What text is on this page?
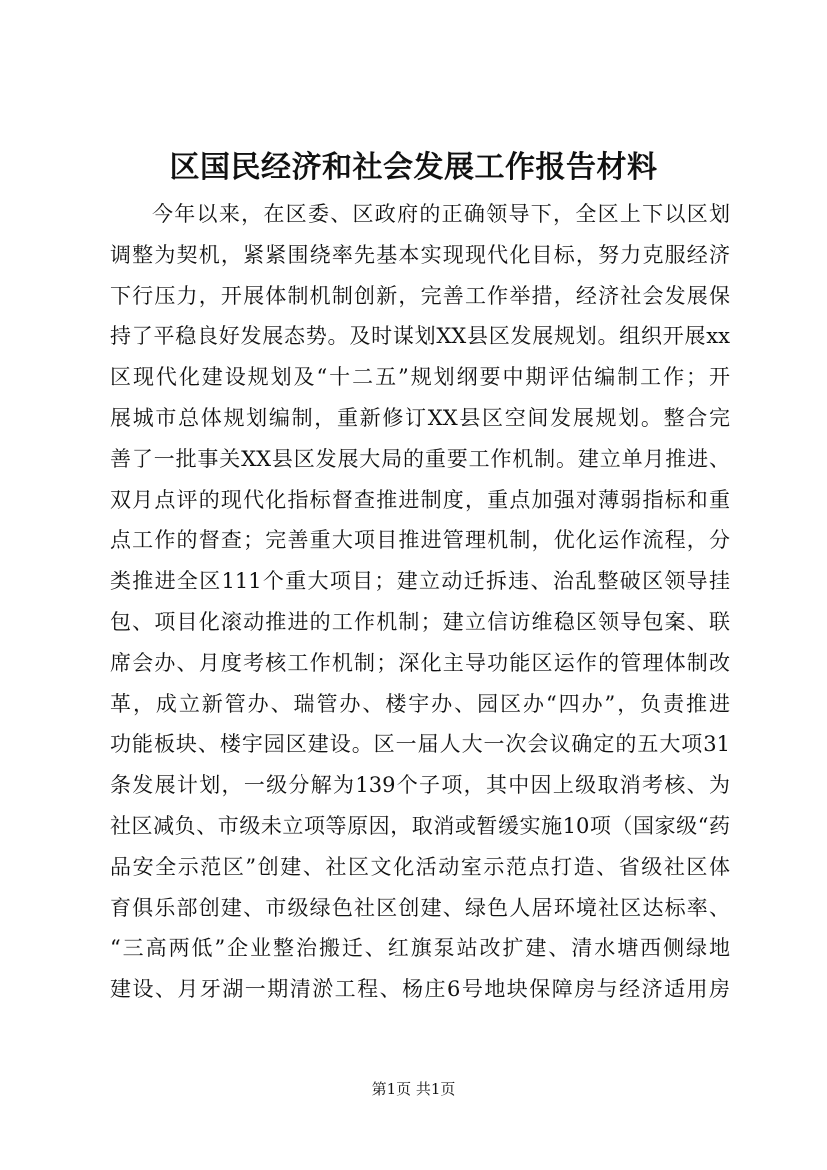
区国民经济和社会发展工作报告材料
今年以来，在区委、区政府的正确领导下，全区上下以区划
调整为契机，紧紧围绕率先基本实现现代化目标，努力克服经济
下行压力，开展体制机制创新，完善工作举措，经济社会发展保
持了平稳良好发展态势。及时谋划XX县区发展规划。组织开展xx
区现代化建设规划及“十二五”规划纲要中期评估编制工作；开
展城市总体规划编制，重新修订XX县区空间发展规划。整合完
善了一批事关XX县区发展大局的重要工作机制。建立单月推进、
双月点评的现代化指标督查推进制度，重点加强对薄弱指标和重
点工作的督查；完善重大项目推进管理机制，优化运作流程，分
类推进全区111个重大项目；建立动迁拆违、治乱整破区领导挂
包、项目化滚动推进的工作机制；建立信访维稳区领导包案、联
席会办、月度考核工作机制；深化主导功能区运作的管理体制改
革，成立新管办、瑞管办、楼宇办、园区办“四办”，负责推进
功能板块、楼宇园区建设。区一届人大一次会议确定的五大项31
条发展计划，一级分解为139个子项，其中因上级取消考核、为
社区减负、市级未立项等原因，取消或暂缓实施10项（国家级“药
品安全示范区”创建、社区文化活动室示范点打造、省级社区体
育俱乐部创建、市级绿色社区创建、绿色人居环境社区达标率、
“三高两低”企业整治搬迁、红旗泵站改扩建、清水塘西侧绿地
建设、月牙湖一期清淤工程、杨庄6号地块保障房与经济适用房
第1页 共1页
